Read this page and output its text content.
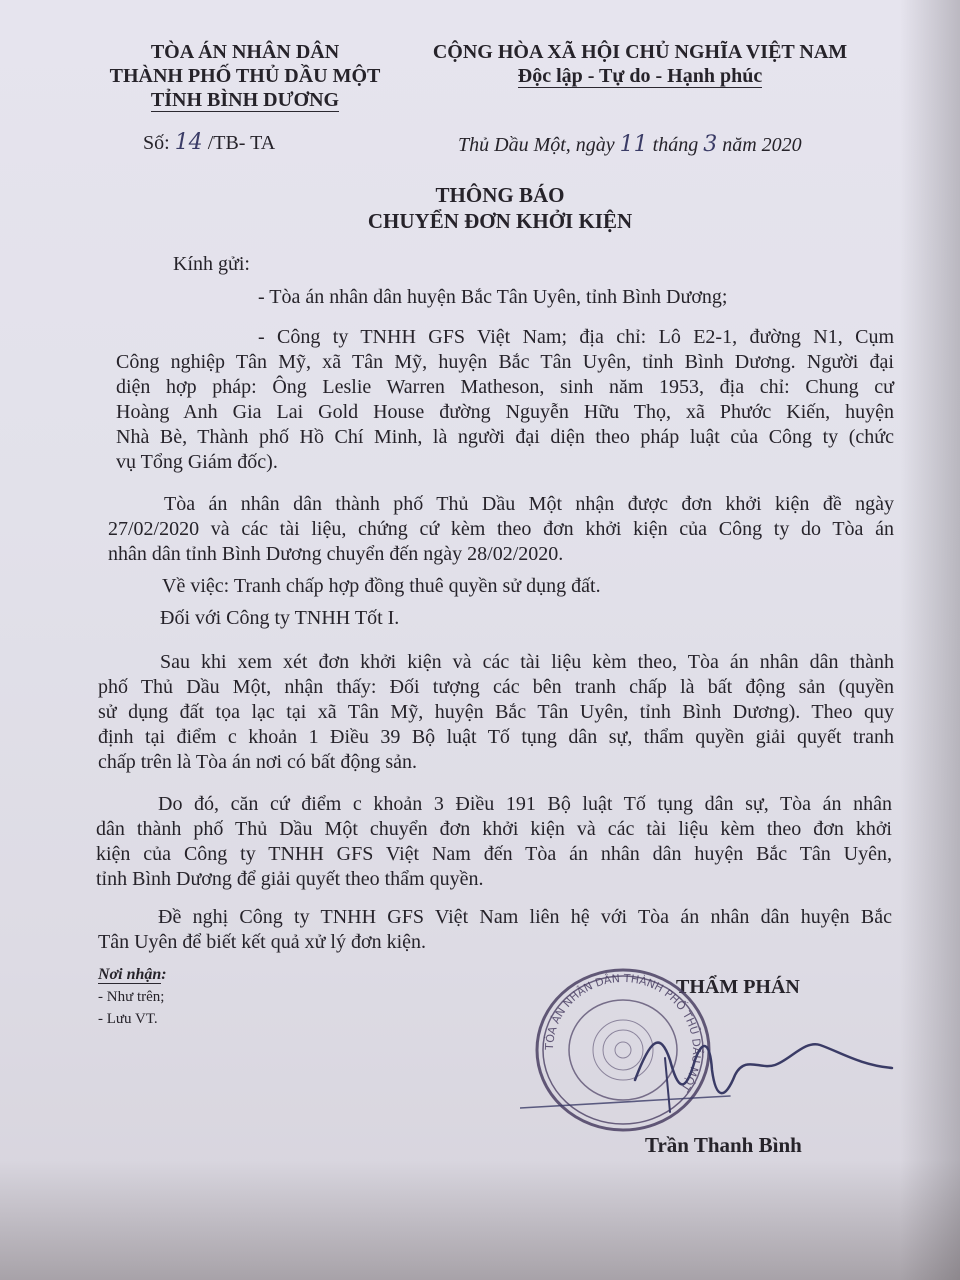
TÒA ÁN NHÂN DÂN
THÀNH PHỐ THỦ DẦU MỘT
TỈNH BÌNH DƯƠNG
CỘNG HÒA XÃ HỘI CHỦ NGHĨA VIỆT NAM
Độc lập - Tự do - Hạnh phúc
Số: 14 /TB- TA	Thủ Dầu Một, ngày 11 tháng 3 năm 2020
THÔNG BÁO
CHUYỂN ĐƠN KHỞI KIỆN
Kính gửi:
- Tòa án nhân dân huyện Bắc Tân Uyên, tỉnh Bình Dương;
- Công ty TNHH GFS Việt Nam; địa chỉ: Lô E2-1, đường N1, Cụm
Công nghiệp Tân Mỹ, xã Tân Mỹ, huyện Bắc Tân Uyên, tỉnh Bình Dương. Người đại
diện hợp pháp: Ông Leslie Warren Matheson, sinh năm 1953, địa chỉ: Chung cư
Hoàng Anh Gia Lai Gold House đường Nguyễn Hữu Thọ, xã Phước Kiến, huyện
Nhà Bè, Thành phố Hồ Chí Minh, là người đại diện theo pháp luật của Công ty (chức
vụ Tổng Giám đốc).
Tòa án nhân dân thành phố Thủ Dầu Một nhận được đơn khởi kiện đề ngày
27/02/2020 và các tài liệu, chứng cứ kèm theo đơn khởi kiện của Công ty do Tòa án
nhân dân tỉnh Bình Dương chuyển đến ngày 28/02/2020.
Về việc: Tranh chấp hợp đồng thuê quyền sử dụng đất.
Đối với Công ty TNHH Tốt I.
Sau khi xem xét đơn khởi kiện và các tài liệu kèm theo, Tòa án nhân dân thành
phố Thủ Dầu Một, nhận thấy: Đối tượng các bên tranh chấp là bất động sản (quyền
sử dụng đất tọa lạc tại xã Tân Mỹ, huyện Bắc Tân Uyên, tỉnh Bình Dương). Theo quy
định tại điểm c khoản 1 Điều 39 Bộ luật Tố tụng dân sự, thẩm quyền giải quyết tranh
chấp trên là Tòa án nơi có bất động sản.
Do đó, căn cứ điểm c khoản 3 Điều 191 Bộ luật Tố tụng dân sự, Tòa án nhân
dân thành phố Thủ Dầu Một chuyển đơn khởi kiện và các tài liệu kèm theo đơn khởi
kiện của Công ty TNHH GFS Việt Nam đến Tòa án nhân dân huyện Bắc Tân Uyên,
tỉnh Bình Dương để giải quyết theo thẩm quyền.
Đề nghị Công ty TNHH GFS Việt Nam liên hệ với Tòa án nhân dân huyện Bắc
Tân Uyên để biết kết quả xử lý đơn kiện.
Nơi nhận:
- Như trên;
- Lưu VT.
THẨM PHÁN
TÒA ÁN NHÂN DÂN THÀNH PHỐ THỦ DẦU MỘT
Trần Thanh Bình
